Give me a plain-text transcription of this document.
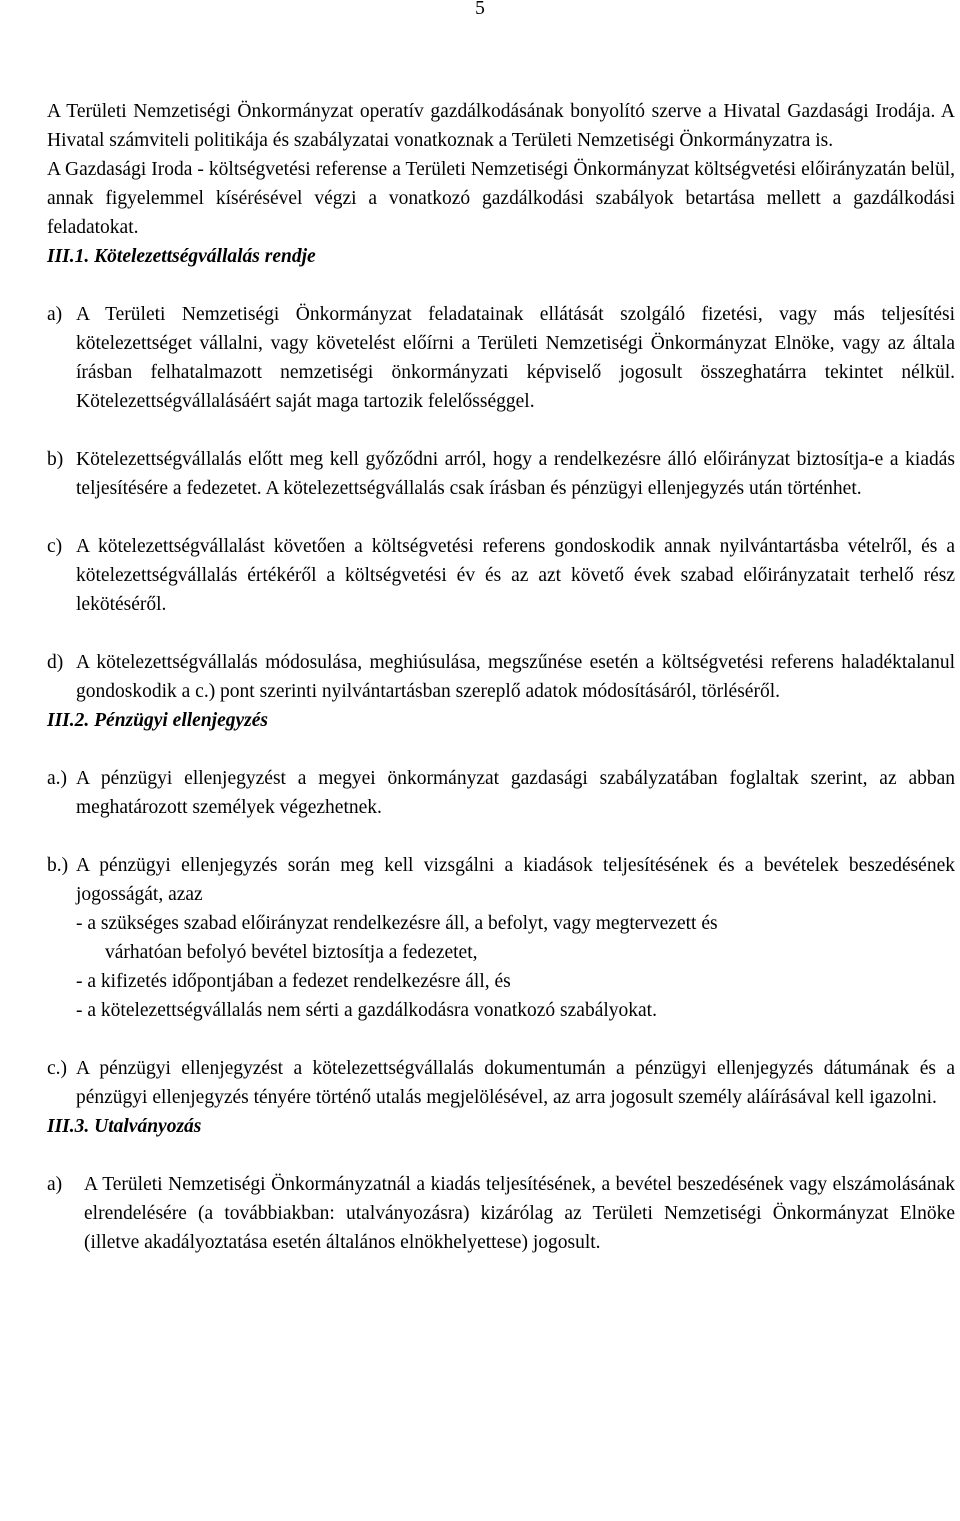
5

A Területi Nemzetiségi Önkormányzat operatív gazdálkodásának bonyolító szerve a Hivatal Gazdasági Irodája. A Hivatal számviteli politikája és szabályzatai vonatkoznak a Területi Nemzetiségi Önkormányzatra is.

A Gazdasági Iroda - költségvetési referense a Területi Nemzetiségi Önkormányzat költségvetési előirányzatán belül, annak figyelemmel kísérésével végzi a vonatkozó gazdálkodási szabályok betartása mellett a gazdálkodási feladatokat.

III.1. Kötelezettségvállalás rendje

a) A Területi Nemzetiségi Önkormányzat feladatainak ellátását szolgáló fizetési, vagy más teljesítési kötelezettséget vállalni, vagy követelést előírni a Területi Nemzetiségi Önkormányzat Elnöke, vagy az általa írásban felhatalmazott nemzetiségi önkormányzati képviselő jogosult összeghatárra tekintet nélkül. Kötelezettségvállalásáért saját maga tartozik felelősséggel.
b) Kötelezettségvállalás előtt meg kell győződni arról, hogy a rendelkezésre álló előirányzat biztosítja-e a kiadás teljesítésére a fedezetet. A kötelezettségvállalás csak írásban és pénzügyi ellenjegyzés után történhet.
c) A kötelezettségvállalást követően a költségvetési referens gondoskodik annak nyilvántartásba vételről, és a kötelezettségvállalás értékéről a költségvetési év és az azt követő évek szabad előirányzatait terhelő rész lekötéséről.
d) A kötelezettségvállalás módosulása, meghiúsulása, megszűnése esetén a költségvetési referens haladéktalanul gondoskodik a c.) pont szerinti nyilvántartásban szereplő adatok módosításáról, törléséről.

III.2. Pénzügyi ellenjegyzés

a.) A pénzügyi ellenjegyzést a megyei önkormányzat gazdasági szabályzatában foglaltak szerint, az abban meghatározott személyek végezhetnek.
b.) A pénzügyi ellenjegyzés során meg kell vizsgálni a kiadások teljesítésének és a bevételek beszedésének jogosságát, azaz
- a szükséges szabad előirányzat rendelkezésre áll, a befolyt, vagy megtervezett és
várhatóan befolyó bevétel biztosítja a fedezetet,
- a kifizetés időpontjában a fedezet rendelkezésre áll, és
- a kötelezettségvállalás nem sérti a gazdálkodásra vonatkozó szabályokat.
c.) A pénzügyi ellenjegyzést a kötelezettségvállalás dokumentumán a pénzügyi ellenjegyzés dátumának és a pénzügyi ellenjegyzés tényére történő utalás megjelölésével, az arra jogosult személy aláírásával kell igazolni.

III.3. Utalványozás

a)	A Területi Nemzetiségi Önkormányzatnál a kiadás teljesítésének, a bevétel beszedésének vagy elszámolásának elrendelésére (a továbbiakban: utalványozásra) kizárólag az Területi Nemzetiségi Önkormányzat Elnöke (illetve akadályoztatása esetén általános elnökhelyettese) jogosult.
